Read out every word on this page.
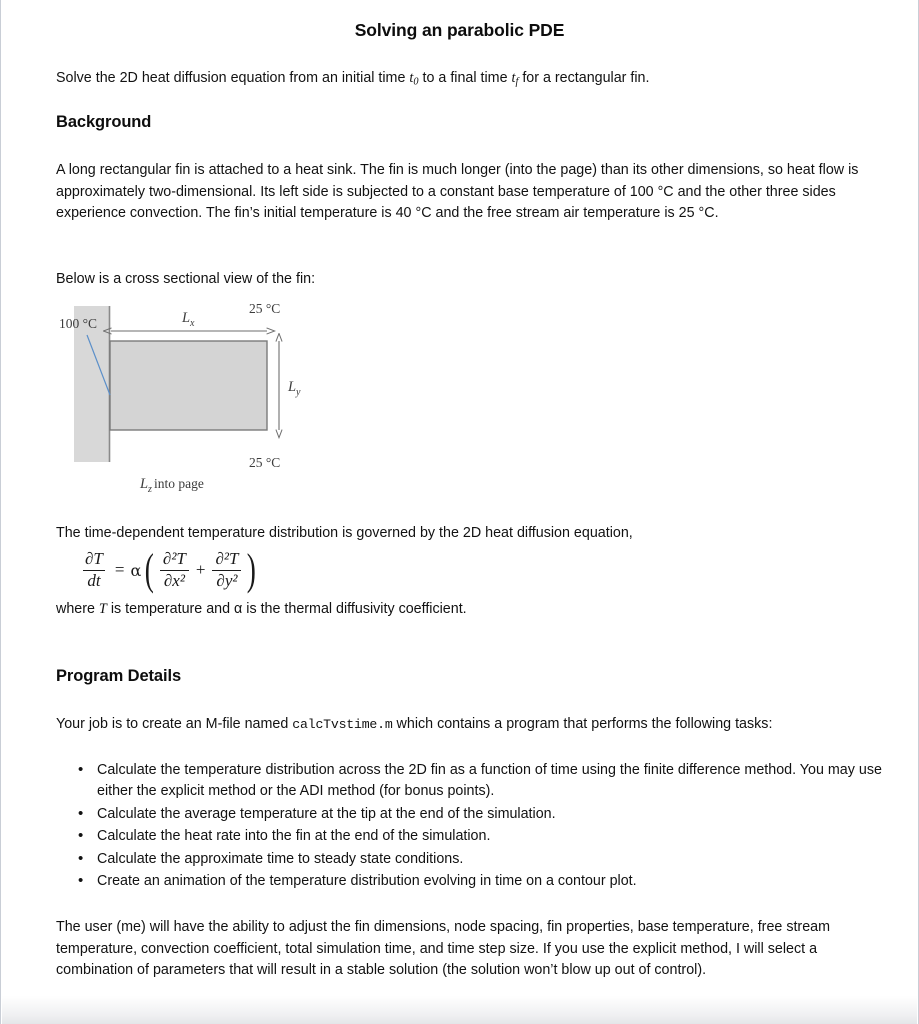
Solving an parabolic PDE

Solve the 2D heat diffusion equation from an initial time $t_0$ to a final time $t_f$ for a rectangular fin.

Background

A long rectangular fin is attached to a heat sink. The fin is much longer (into the page) than its other dimensions, so heat flow is approximately two-dimensional. Its left side is subjected to a constant base temperature of 100 °C and the other three sides experience convection. The fin’s initial temperature is 40 °C and the free stream air temperature is 25 °C.

Below is a cross sectional view of the fin:

100 °C
25 °C
25 °C
L x
L y
L z into page

The time-dependent temperature distribution is governed by the 2D heat diffusion equation,

$\frac{\partial T}{dt} = \alpha$ ( $\frac{\text{∂²T}}{\text{∂x²}} + \frac{\text{∂²T}}{\text{∂y²}}$ )

where T is temperature and α is the thermal diffusivity coefficient.

Program Details

Your job is to create an M-file named calcTvstime.m which contains a program that performs the following tasks:

• Calculate the temperature distribution across the 2D fin as a function of time using the finite difference method. You may use either the explicit method or the ADI method (for bonus points).
• Calculate the average temperature at the tip at the end of the simulation.
• Calculate the heat rate into the fin at the end of the simulation.
• Calculate the approximate time to steady state conditions.
• Create an animation of the temperature distribution evolving in time on a contour plot.

The user (me) will have the ability to adjust the fin dimensions, node spacing, fin properties, base temperature, free stream temperature, convection coefficient, total simulation time, and time step size. If you use the explicit method, I will select a combination of parameters that will result in a stable solution (the solution won’t blow up out of control).
